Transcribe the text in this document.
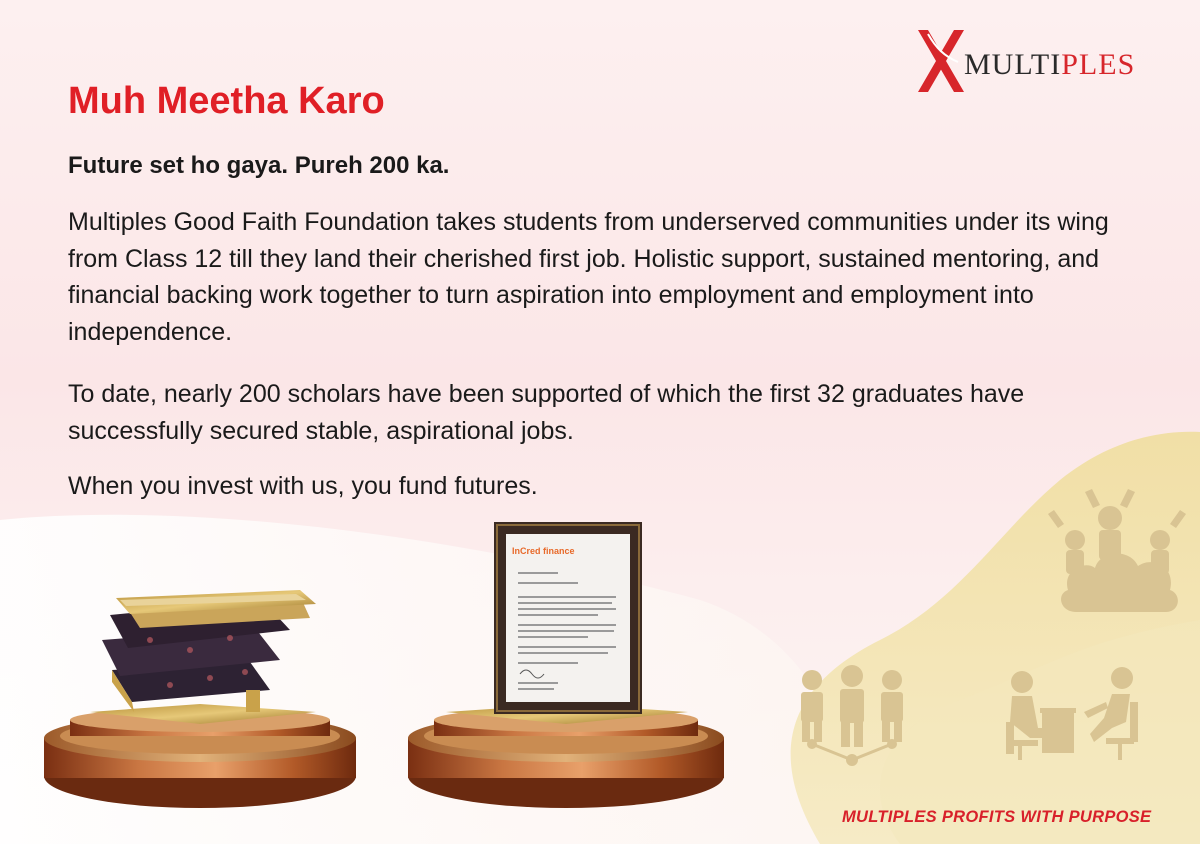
InCred finance
MULTIPLES
Muh Meetha Karo
Future set ho gaya. Pureh 200 ka.
Multiples Good Faith Foundation takes students from underserved communities under its wing from Class 12 till they land their cherished first job. Holistic support, sustained mentoring, and financial backing work together to turn aspiration into employment and employment into independence.
To date, nearly 200 scholars have been supported of which the first 32 graduates have successfully secured stable, aspirational jobs.
When you invest with us, you fund futures.
MULTIPLES PROFITS WITH PURPOSE
